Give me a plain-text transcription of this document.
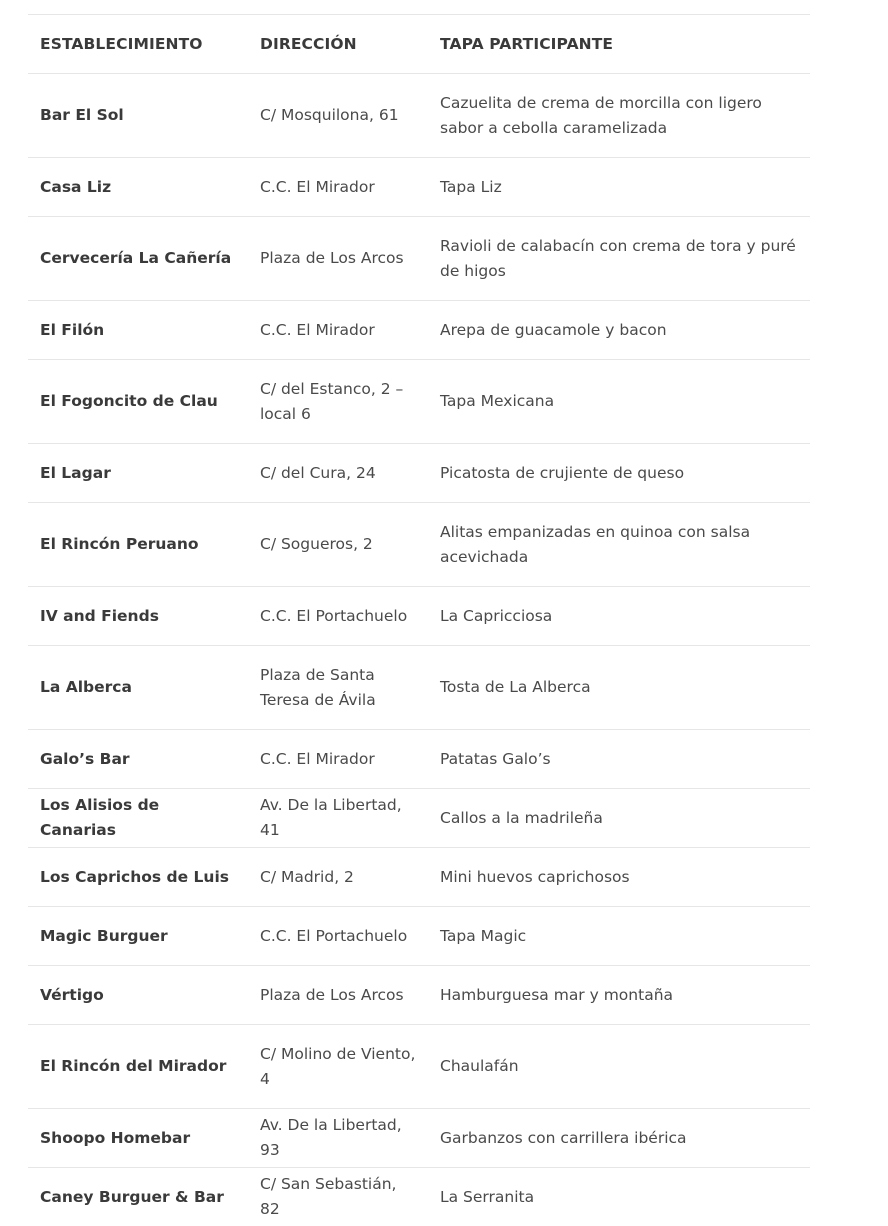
ESTABLECIMIENTO	DIRECCIÓN	TAPA PARTICIPANTE
Bar El Sol	C/ Mosquilona, 61	Cazuelita de crema de morcilla con ligero sabor a cebolla caramelizada
Casa Liz	C.C. El Mirador	Tapa Liz
Cervecería La Cañería	Plaza de Los Arcos	Ravioli de calabacín con crema de tora y puré de higos
El Filón	C.C. El Mirador	Arepa de guacamole y bacon
El Fogoncito de Clau	C/ del Estanco, 2 – local 6	Tapa Mexicana
El Lagar	C/ del Cura, 24	Picatosta de crujiente de queso
El Rincón Peruano	C/ Sogueros, 2	Alitas empanizadas en quinoa con salsa acevichada
IV and Fiends	C.C. El Portachuelo	La Capricciosa
La Alberca	Plaza de Santa Teresa de Ávila	Tosta de La Alberca
Galo’s Bar	C.C. El Mirador	Patatas Galo’s
Los Alisios de Canarias	Av. De la Libertad, 41	Callos a la madrileña
Los Caprichos de Luis	C/ Madrid, 2	Mini huevos caprichosos
Magic Burguer	C.C. El Portachuelo	Tapa Magic
Vértigo	Plaza de Los Arcos	Hamburguesa mar y montaña
El Rincón del Mirador	C/ Molino de Viento, 4	Chaulafán
Shoopo Homebar	Av. De la Libertad, 93	Garbanzos con carrillera ibérica
Caney Burguer & Bar	C/ San Sebastián, 82	La Serranita
